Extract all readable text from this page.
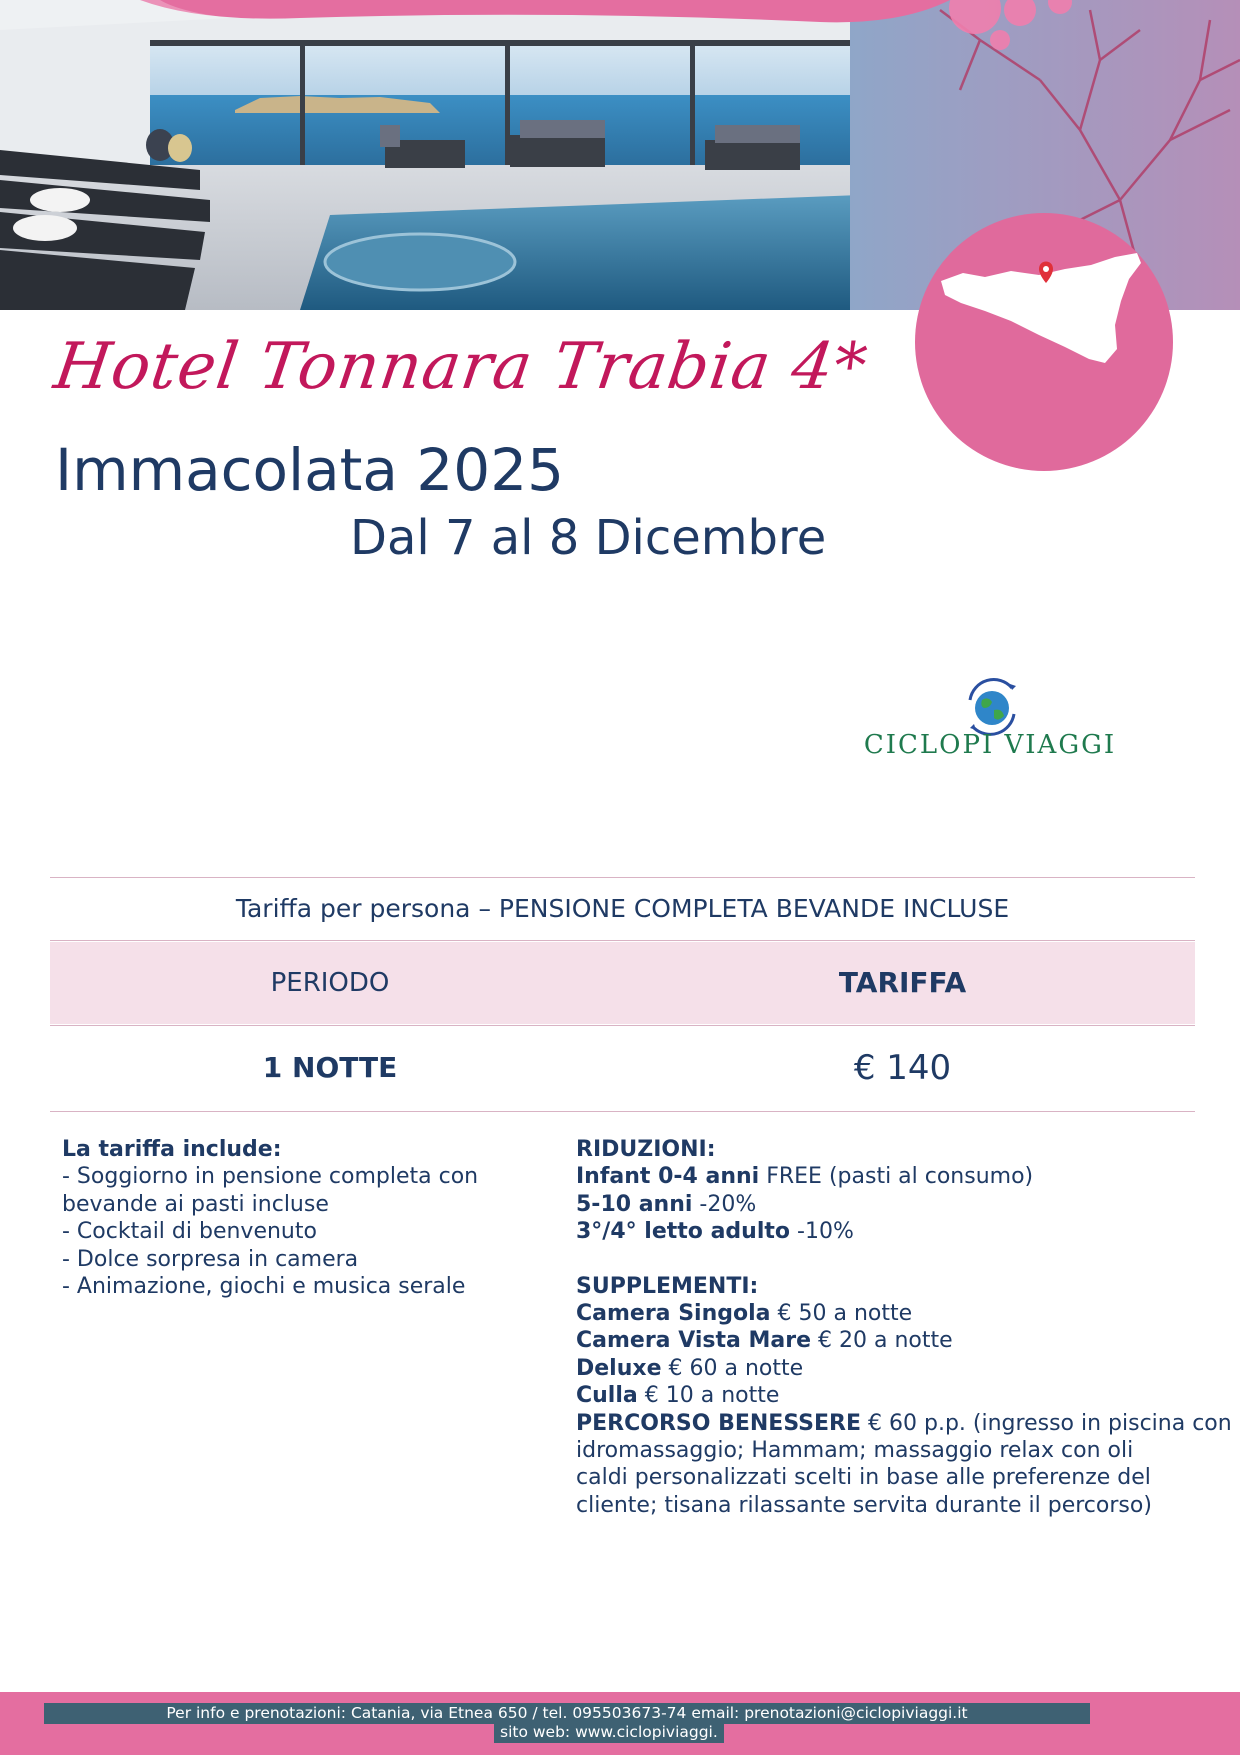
Hotel Tonnara Trabia 4*
Immacolata 2025
Dal 7 al 8 Dicembre
CICLOPI VIAGGI
Tariffa per persona – PENSIONE COMPLETA BEVANDE INCLUSE
PERIODO	TARIFFA
1 NOTTE	€ 140
La tariffa include:
- Soggiorno in pensione completa con
bevande ai pasti incluse
- Cocktail di benvenuto
- Dolce sorpresa in camera
- Animazione, giochi e musica serale
RIDUZIONI:
Infant 0-4 anni FREE (pasti al consumo)
5-10 anni -20%
3°/4° letto adulto -10%
SUPPLEMENTI:
Camera Singola € 50 a notte
Camera Vista Mare € 20 a notte
Deluxe € 60 a notte
Culla € 10 a notte
PERCORSO BENESSERE € 60 p.p. (ingresso in piscina con
idromassaggio; Hammam; massaggio relax con oli
caldi personalizzati scelti in base alle preferenze del
cliente; tisana rilassante servita durante il percorso)
Per info e prenotazioni: Catania, via Etnea 650 / tel. 095503673-74 email: prenotazioni@ciclopiviaggi.it
sito web: www.ciclopiviaggi.
